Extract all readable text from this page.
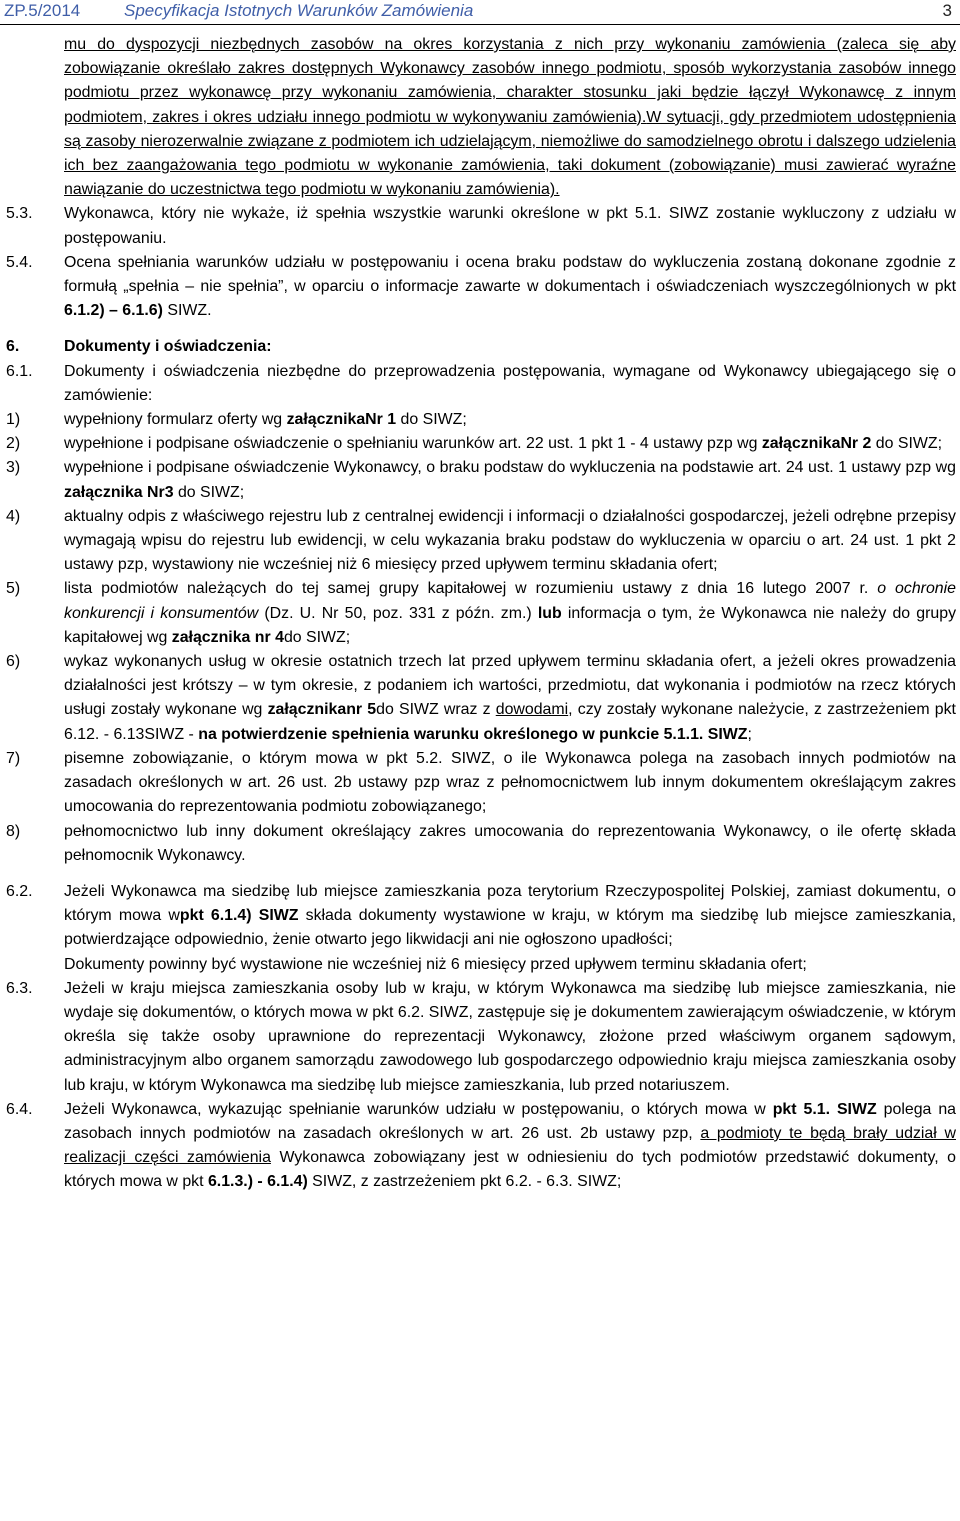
ZP.5/2014	Specyfikacja Istotnych Warunków Zamówienia	3
mu do dyspozycji niezbędnych zasobów na okres korzystania z nich przy wykonaniu zamówienia (zaleca się aby zobowiązanie określało zakres dostępnych Wykonawcy zasobów innego podmiotu, sposób wykorzystania zasobów innego podmiotu przez wykonawcę przy wykonaniu zamówienia, charakter stosunku jaki będzie łączył Wykonawcę z innym podmiotem, zakres i okres udziału innego podmiotu w wykonywaniu zamówienia).W sytuacji, gdy przedmiotem udostępnienia są zasoby nierozerwalnie związane z podmiotem ich udzielającym, niemożliwe do samodzielnego obrotu i dalszego udzielenia ich bez zaangażowania tego podmiotu w wykonanie zamówienia, taki dokument (zobowiązanie) musi zawierać wyraźne nawiązanie do uczestnictwa tego podmiotu w wykonaniu zamówienia).
5.3. Wykonawca, który nie wykaże, iż spełnia wszystkie warunki określone w pkt 5.1. SIWZ zostanie wykluczony z udziału w postępowaniu.
5.4. Ocena spełniania warunków udziału w postępowaniu i ocena braku podstaw do wykluczenia zostaną dokonane zgodnie z formułą „spełnia – nie spełnia”, w oparciu o informacje zawarte w dokumentach i oświadczeniach wyszczególnionych w pkt 6.1.2) – 6.1.6) SIWZ.
6.	Dokumenty i oświadczenia:
6.1. Dokumenty i oświadczenia niezbędne do przeprowadzenia postępowania, wymagane od Wykonawcy ubiegającego się o zamówienie:
1)	wypełniony formularz oferty wg załącznikaNr 1 do SIWZ;
2)	wypełnione i podpisane oświadczenie o spełnianiu warunków art. 22 ust. 1 pkt 1 - 4 ustawy pzp wg załącznikaNr 2 do SIWZ;
3)	wypełnione i podpisane oświadczenie Wykonawcy, o braku podstaw do wykluczenia na podstawie art. 24 ust. 1 ustawy pzp wg załącznika Nr3 do SIWZ;
4)	aktualny odpis z właściwego rejestru lub z centralnej ewidencji i informacji o działalności gospodarczej, jeżeli odrębne przepisy wymagają wpisu do rejestru lub ewidencji, w celu wykazania braku podstaw do wykluczenia w oparciu o art. 24 ust. 1 pkt 2 ustawy pzp, wystawiony nie wcześniej niż 6 miesięcy przed upływem terminu składania ofert;
5)	lista podmiotów należących do tej samej grupy kapitałowej w rozumieniu ustawy z dnia 16 lutego 2007 r. o ochronie konkurencji i konsumentów (Dz. U. Nr 50, poz. 331 z późn. zm.) lub informacja o tym, że Wykonawca nie należy do grupy kapitałowej wg załącznika nr 4do SIWZ;
6)	wykaz wykonanych usług w okresie ostatnich trzech lat przed upływem terminu składania ofert, a jeżeli okres prowadzenia działalności jest krótszy – w tym okresie, z podaniem ich wartości, przedmiotu, dat wykonania i podmiotów na rzecz których usługi zostały wykonane wg załącznikanr 5do SIWZ wraz z dowodami, czy zostały wykonane należycie, z zastrzeżeniem pkt 6.12. - 6.13SIWZ - na potwierdzenie spełnienia warunku określonego w punkcie 5.1.1. SIWZ;
7)	pisemne zobowiązanie, o którym mowa w pkt 5.2. SIWZ, o ile Wykonawca polega na zasobach innych podmiotów na zasadach określonych w art. 26 ust. 2b ustawy pzp wraz z pełnomocnictwem lub innym dokumentem określającym zakres umocowania do reprezentowania podmiotu zobowiązanego;
8)	pełnomocnictwo lub inny dokument określający zakres umocowania do reprezentowania Wykonawcy, o ile ofertę składa pełnomocnik Wykonawcy.
6.2. Jeżeli Wykonawca ma siedzibę lub miejsce zamieszkania poza terytorium Rzeczypospolitej Polskiej, zamiast dokumentu, o którym mowa wpkt 6.1.4) SIWZ składa dokumenty wystawione w kraju, w którym ma siedzibę lub miejsce zamieszkania, potwierdzające odpowiednio, żenie otwarto jego likwidacji ani nie ogłoszono upadłości;
Dokumenty powinny być wystawione nie wcześniej niż 6 miesięcy przed upływem terminu składania ofert;
6.3. Jeżeli w kraju miejsca zamieszkania osoby lub w kraju, w którym Wykonawca ma siedzibę lub miejsce zamieszkania, nie wydaje się dokumentów, o których mowa w pkt 6.2. SIWZ, zastępuje się je dokumentem zawierającym oświadczenie, w którym określa się także osoby uprawnione do reprezentacji Wykonawcy, złożone przed właściwym organem sądowym, administracyjnym albo organem samorządu zawodowego lub gospodarczego odpowiednio kraju miejsca zamieszkania osoby lub kraju, w którym Wykonawca ma siedzibę lub miejsce zamieszkania, lub przed notariuszem.
6.4. Jeżeli Wykonawca, wykazując spełnianie warunków udziału w postępowaniu, o których mowa w pkt 5.1. SIWZ polega na zasobach innych podmiotów na zasadach określonych w art. 26 ust. 2b ustawy pzp, a podmioty te będą brały udział w realizacji części zamówienia Wykonawca zobowiązany jest w odniesieniu do tych podmiotów przedstawić dokumenty, o których mowa w pkt 6.1.3.) - 6.1.4) SIWZ, z zastrzeżeniem pkt 6.2. - 6.3. SIWZ;
